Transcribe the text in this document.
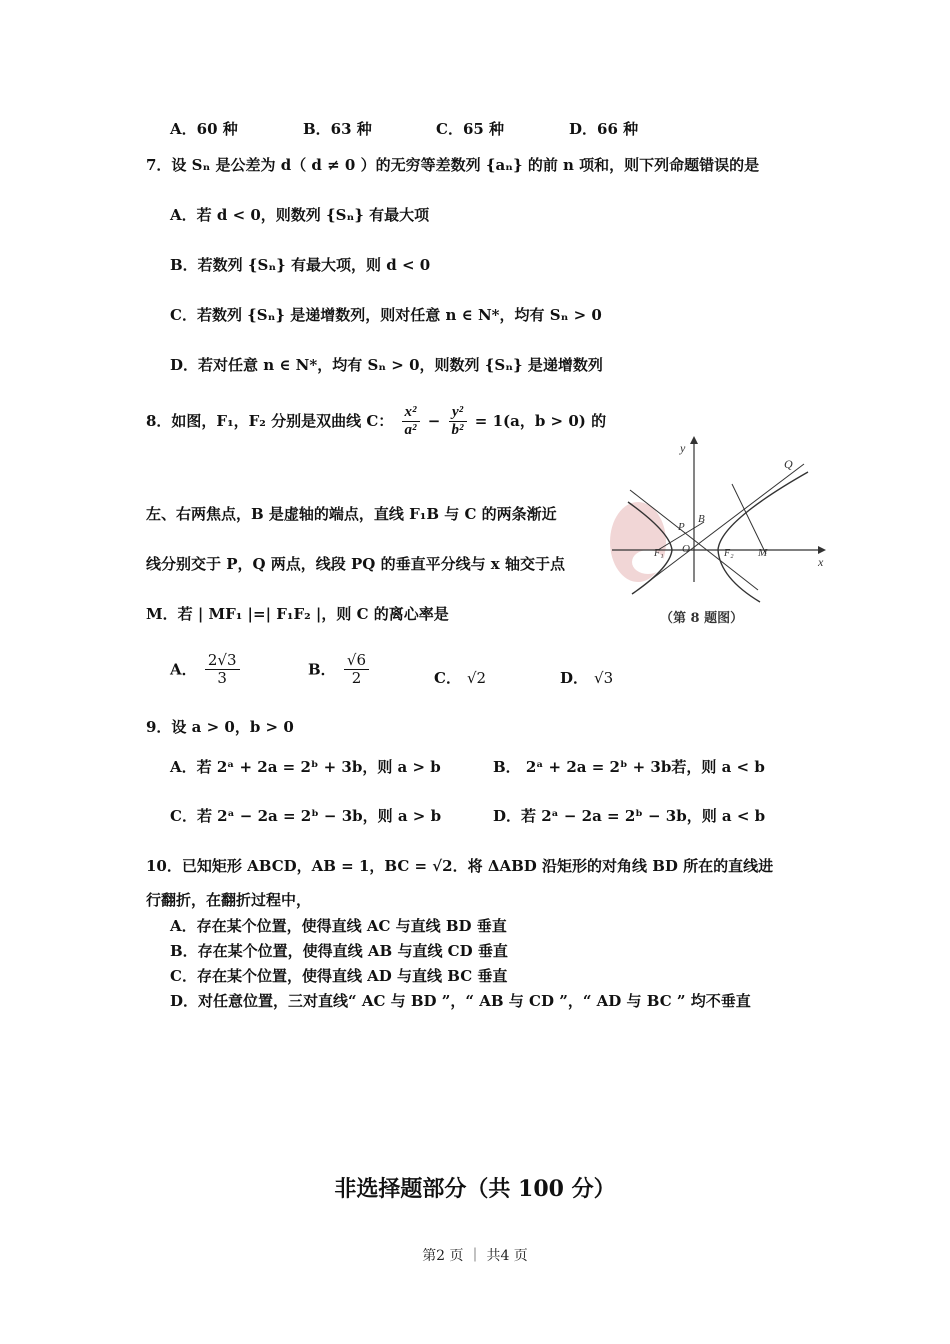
A．60 种	B．63 种	C．65 种	D．66 种
7．设 Sₙ 是公差为 d（ d ≠ 0 ）的无穷等差数列 {aₙ} 的前 n 项和，则下列命题错误的是
A．若 d < 0，则数列 {Sₙ} 有最大项
B．若数列 {Sₙ} 有最大项，则 d < 0
C．若数列 {Sₙ} 是递增数列，则对任意 n ∈ N*，均有 Sₙ > 0
D．若对任意 n ∈ N*，均有 Sₙ > 0，则数列 {Sₙ} 是递增数列
8．如图，F₁，F₂ 分别是双曲线 C： $\frac{\text{x²}}{\text{a²}} - \frac{\text{y²}}{\text{b²}} = 1(a$，b > 0) 的
左、右两焦点，B 是虚轴的端点，直线 F₁B 与 C 的两条渐近
线分别交于 P，Q 两点，线段 PQ 的垂直平分线与 x 轴交于点
M．若 | MF₁ |=| F₁F₂ |，则 C 的离心率是
A． $\frac{2√3}{3}$	B． $\frac{√6}{2}$	C． √2	D． √3
y
x
Q
P
B
O
F₁	F₂ M
（第 8 题图）
9．设 a > 0，b > 0
A．若 2ᵃ + 2a = 2ᵇ + 3b，则 a > b	B． 2ᵃ + 2a = 2ᵇ + 3b若，则 a < b
C．若 2ᵃ − 2a = 2ᵇ − 3b，则 a > b	D．若 2ᵃ − 2a = 2ᵇ − 3b，则 a < b
10．已知矩形 ABCD，AB = 1，BC = √2．将 ΔABD 沿矩形的对角线 BD 所在的直线进
行翻折，在翻折过程中，
A．存在某个位置，使得直线 AC 与直线 BD 垂直
B．存在某个位置，使得直线 AB 与直线 CD 垂直
C．存在某个位置，使得直线 AD 与直线 BC 垂直
D．对任意位置，三对直线“ AC 与 BD ”，“ AB 与 CD ”，“ AD 与 BC ” 均不垂直
非选择题部分（共 100 分）
第2 页 ｜ 共4 页
